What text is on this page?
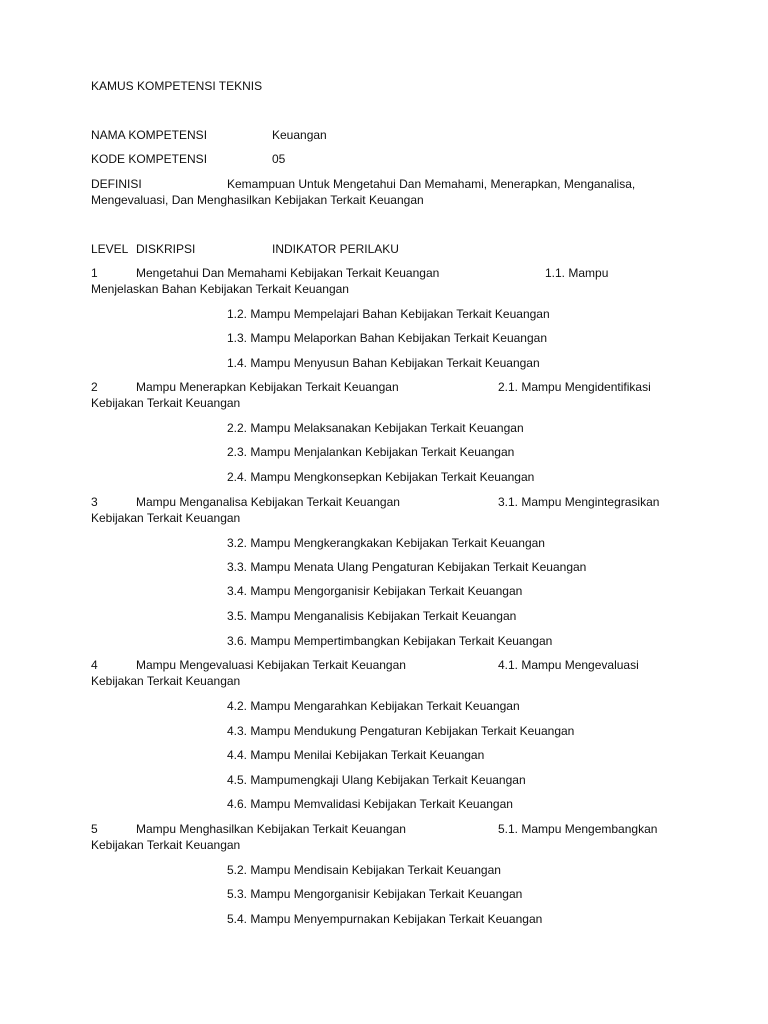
KAMUS KOMPETENSI TEKNIS
NAMA KOMPETENSI	Keuangan
KODE KOMPETENSI	05
DEFINISI	Kemampuan Untuk Mengetahui Dan Memahami, Menerapkan, Menganalisa,
Mengevaluasi, Dan Menghasilkan Kebijakan Terkait Keuangan
LEVEL DISKRIPSI	INDIKATOR PERILAKU
1	Mengetahui Dan Memahami Kebijakan Terkait Keuangan	1.1. Mampu
Menjelaskan Bahan Kebijakan Terkait Keuangan
1.2. Mampu Mempelajari Bahan Kebijakan Terkait Keuangan
1.3. Mampu Melaporkan Bahan Kebijakan Terkait Keuangan
1.4. Mampu Menyusun Bahan Kebijakan Terkait Keuangan
2	Mampu Menerapkan Kebijakan Terkait Keuangan	2.1. Mampu Mengidentifikasi
Kebijakan Terkait Keuangan
2.2. Mampu Melaksanakan Kebijakan Terkait Keuangan
2.3. Mampu Menjalankan Kebijakan Terkait Keuangan
2.4. Mampu Mengkonsepkan Kebijakan Terkait Keuangan
3	Mampu Menganalisa Kebijakan Terkait Keuangan	3.1. Mampu Mengintegrasikan
Kebijakan Terkait Keuangan
3.2. Mampu Mengkerangkakan Kebijakan Terkait Keuangan
3.3. Mampu Menata Ulang Pengaturan Kebijakan Terkait Keuangan
3.4. Mampu Mengorganisir Kebijakan Terkait Keuangan
3.5. Mampu Menganalisis Kebijakan Terkait Keuangan
3.6. Mampu Mempertimbangkan Kebijakan Terkait Keuangan
4	Mampu Mengevaluasi Kebijakan Terkait Keuangan	4.1. Mampu Mengevaluasi
Kebijakan Terkait Keuangan
4.2. Mampu Mengarahkan Kebijakan Terkait Keuangan
4.3. Mampu Mendukung Pengaturan Kebijakan Terkait Keuangan
4.4. Mampu Menilai Kebijakan Terkait Keuangan
4.5. Mampumengkaji Ulang Kebijakan Terkait Keuangan
4.6. Mampu Memvalidasi Kebijakan Terkait Keuangan
5	Mampu Menghasilkan Kebijakan Terkait Keuangan	5.1. Mampu Mengembangkan
Kebijakan Terkait Keuangan
5.2. Mampu Mendisain Kebijakan Terkait Keuangan
5.3. Mampu Mengorganisir Kebijakan Terkait Keuangan
5.4. Mampu Menyempurnakan Kebijakan Terkait Keuangan
